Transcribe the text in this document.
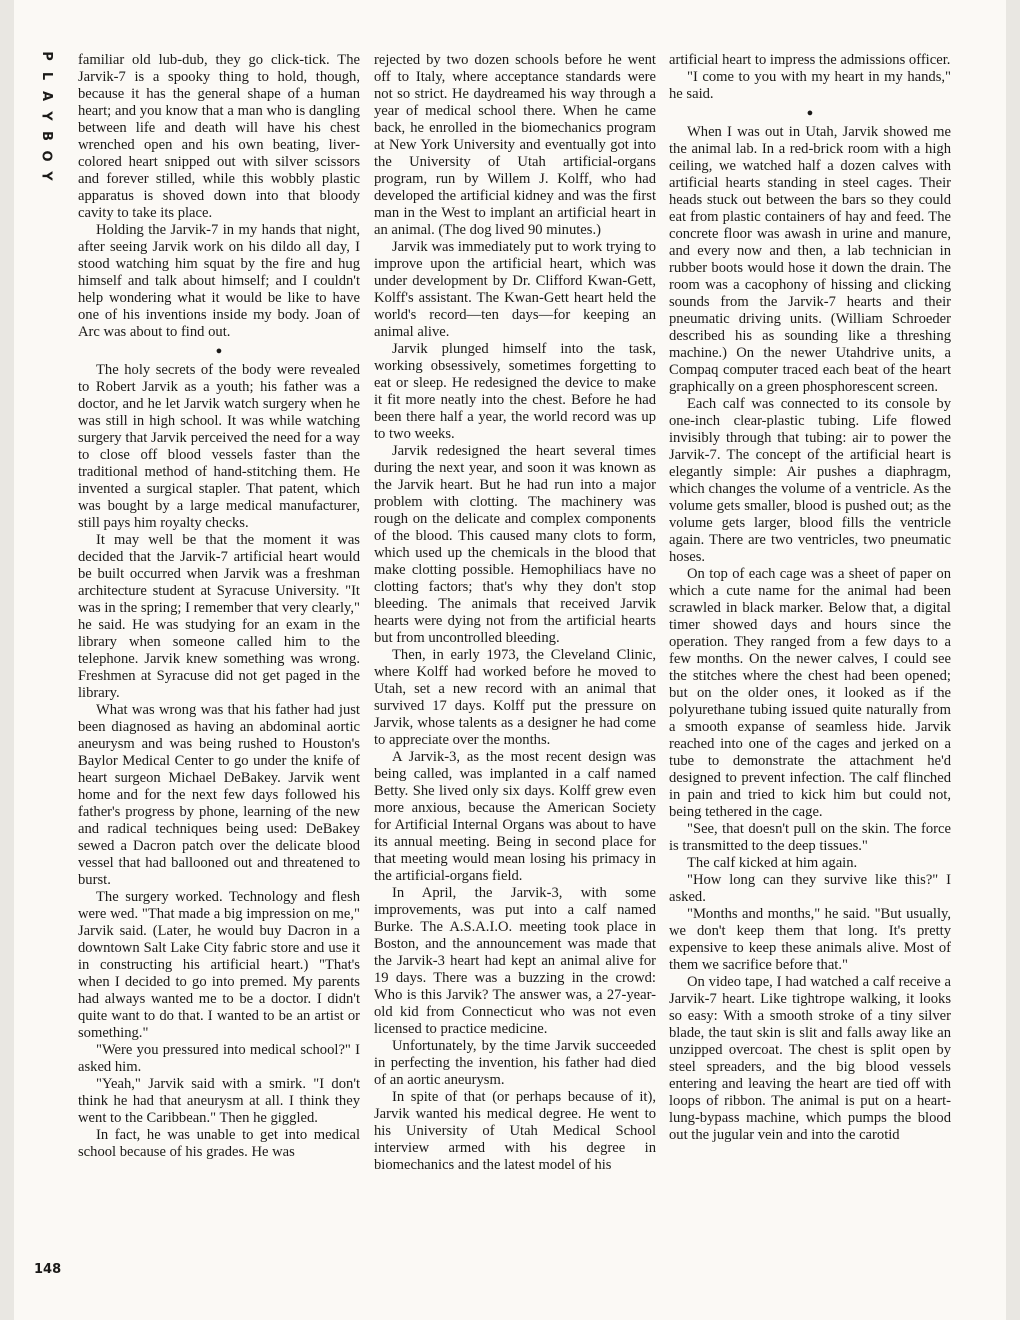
P
L
A
Y
B
O
Y
148

familiar old lub-dub, they go click-tick. The Jarvik-7 is a spooky thing to hold, though, because it has the general shape of a human heart; and you know that a man who is dangling between life and death will have his chest wrenched open and his own beating, liver-colored heart snipped out with silver scissors and forever stilled, while this wobbly plastic apparatus is shoved down into that bloody cavity to take its place.

Holding the Jarvik-7 in my hands that night, after seeing Jarvik work on his dildo all day, I stood watching him squat by the fire and hug himself and talk about himself; and I couldn't help wondering what it would be like to have one of his inventions inside my body. Joan of Arc was about to find out.

●

The holy secrets of the body were revealed to Robert Jarvik as a youth; his father was a doctor, and he let Jarvik watch surgery when he was still in high school. It was while watching surgery that Jarvik perceived the need for a way to close off blood vessels faster than the traditional method of hand-stitching them. He invented a surgical stapler. That patent, which was bought by a large medical manufacturer, still pays him royalty checks.

It may well be that the moment it was decided that the Jarvik-7 artificial heart would be built occurred when Jarvik was a freshman architecture student at Syracuse University. "It was in the spring; I remember that very clearly," he said. He was studying for an exam in the library when someone called him to the telephone. Jarvik knew something was wrong. Freshmen at Syracuse did not get paged in the library.

What was wrong was that his father had just been diagnosed as having an abdominal aortic aneurysm and was being rushed to Houston's Baylor Medical Center to go under the knife of heart surgeon Michael DeBakey. Jarvik went home and for the next few days followed his father's progress by phone, learning of the new and radical techniques being used: DeBakey sewed a Dacron patch over the delicate blood vessel that had ballooned out and threatened to burst.

The surgery worked. Technology and flesh were wed. "That made a big impression on me," Jarvik said. (Later, he would buy Dacron in a downtown Salt Lake City fabric store and use it in constructing his artificial heart.) "That's when I decided to go into premed. My parents had always wanted me to be a doctor. I didn't quite want to do that. I wanted to be an artist or something."

"Were you pressured into medical school?" I asked him.

"Yeah," Jarvik said with a smirk. "I don't think he had that aneurysm at all. I think they went to the Caribbean." Then he giggled.

In fact, he was unable to get into medical school because of his grades. He was

rejected by two dozen schools before he went off to Italy, where acceptance standards were not so strict. He daydreamed his way through a year of medical school there. When he came back, he enrolled in the biomechanics program at New York University and eventually got into the University of Utah artificial-organs program, run by Willem J. Kolff, who had developed the artificial kidney and was the first man in the West to implant an artificial heart in an animal. (The dog lived 90 minutes.)

Jarvik was immediately put to work trying to improve upon the artificial heart, which was under development by Dr. Clifford Kwan-Gett, Kolff's assistant. The Kwan-Gett heart held the world's record—ten days—for keeping an animal alive.

Jarvik plunged himself into the task, working obsessively, sometimes forgetting to eat or sleep. He redesigned the device to make it fit more neatly into the chest. Before he had been there half a year, the world record was up to two weeks.

Jarvik redesigned the heart several times during the next year, and soon it was known as the Jarvik heart. But he had run into a major problem with clotting. The machinery was rough on the delicate and complex components of the blood. This caused many clots to form, which used up the chemicals in the blood that make clotting possible. Hemophiliacs have no clotting factors; that's why they don't stop bleeding. The animals that received Jarvik hearts were dying not from the artificial hearts but from uncontrolled bleeding.

Then, in early 1973, the Cleveland Clinic, where Kolff had worked before he moved to Utah, set a new record with an animal that survived 17 days. Kolff put the pressure on Jarvik, whose talents as a designer he had come to appreciate over the months.

A Jarvik-3, as the most recent design was being called, was implanted in a calf named Betty. She lived only six days. Kolff grew even more anxious, because the American Society for Artificial Internal Organs was about to have its annual meeting. Being in second place for that meeting would mean losing his primacy in the artificial-organs field.

In April, the Jarvik-3, with some improvements, was put into a calf named Burke. The A.S.A.I.O. meeting took place in Boston, and the announcement was made that the Jarvik-3 heart had kept an animal alive for 19 days. There was a buzzing in the crowd: Who is this Jarvik? The answer was, a 27-year-old kid from Connecticut who was not even licensed to practice medicine.

Unfortunately, by the time Jarvik succeeded in perfecting the invention, his father had died of an aortic aneurysm.

In spite of that (or perhaps because of it), Jarvik wanted his medical degree. He went to his University of Utah Medical School interview armed with his degree in biomechanics and the latest model of his

artificial heart to impress the admissions officer.

"I come to you with my heart in my hands," he said.

●

When I was out in Utah, Jarvik showed me the animal lab. In a red-brick room with a high ceiling, we watched half a dozen calves with artificial hearts standing in steel cages. Their heads stuck out between the bars so they could eat from plastic containers of hay and feed. The concrete floor was awash in urine and manure, and every now and then, a lab technician in rubber boots would hose it down the drain. The room was a cacophony of hissing and clicking sounds from the Jarvik-7 hearts and their pneumatic driving units. (William Schroeder described his as sounding like a threshing machine.) On the newer Utahdrive units, a Compaq computer traced each beat of the heart graphically on a green phosphorescent screen.

Each calf was connected to its console by one-inch clear-plastic tubing. Life flowed invisibly through that tubing: air to power the Jarvik-7. The concept of the artificial heart is elegantly simple: Air pushes a diaphragm, which changes the volume of a ventricle. As the volume gets smaller, blood is pushed out; as the volume gets larger, blood fills the ventricle again. There are two ventricles, two pneumatic hoses.

On top of each cage was a sheet of paper on which a cute name for the animal had been scrawled in black marker. Below that, a digital timer showed days and hours since the operation. They ranged from a few days to a few months. On the newer calves, I could see the stitches where the chest had been opened; but on the older ones, it looked as if the polyurethane tubing issued quite naturally from a smooth expanse of seamless hide. Jarvik reached into one of the cages and jerked on a tube to demonstrate the attachment he'd designed to prevent infection. The calf flinched in pain and tried to kick him but could not, being tethered in the cage.

"See, that doesn't pull on the skin. The force is transmitted to the deep tissues."

The calf kicked at him again.

"How long can they survive like this?" I asked.

"Months and months," he said. "But usually, we don't keep them that long. It's pretty expensive to keep these animals alive. Most of them we sacrifice before that."

On video tape, I had watched a calf receive a Jarvik-7 heart. Like tightrope walking, it looks so easy: With a smooth stroke of a tiny silver blade, the taut skin is slit and falls away like an unzipped overcoat. The chest is split open by steel spreaders, and the big blood vessels entering and leaving the heart are tied off with loops of ribbon. The animal is put on a heart-lung-bypass machine, which pumps the blood out the jugular vein and into the carotid
